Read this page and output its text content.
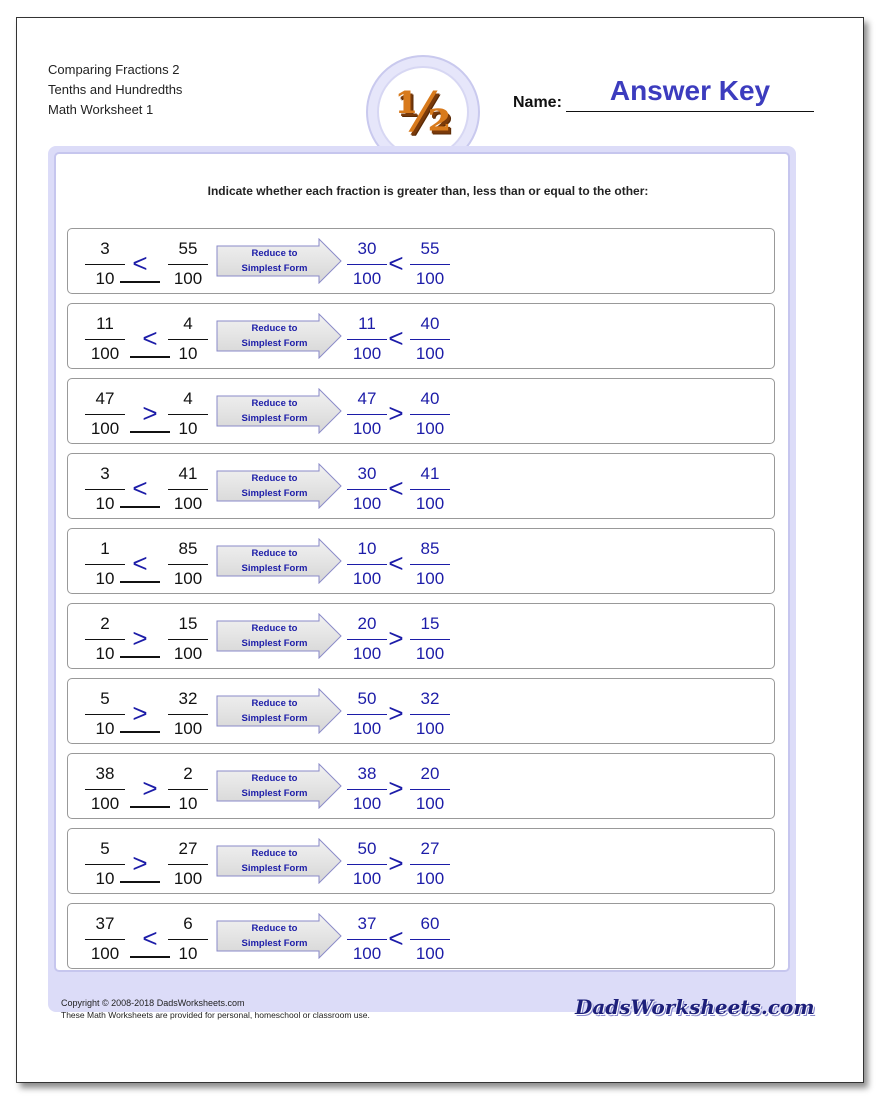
Comparing Fractions 2
Tenths and Hundredths
Math Worksheet 1	½	Name:	Answer Key
Indicate whether each fraction is greater than, less than or equal to the other:
3
10
<	55
100
Reduce to
Simplest Form
30
100
< 55
100
11
100
<	4
10
Reduce to
Simplest Form
11
100
< 40
100
47
100
>	4
10
Reduce to
Simplest Form
47
100
> 40
100
3
10
<	41
100
Reduce to
Simplest Form
30
100
< 41
100
1
10
<	85
100
Reduce to
Simplest Form
10
100
< 85
100
2
10
>	15
100
Reduce to
Simplest Form
20
100
> 15
100
5
10
>	32
100
Reduce to
Simplest Form
50
100
> 32
100
38
100
>	2
10
Reduce to
Simplest Form
38
100
> 20
100
5
10
>	27
100
Reduce to
Simplest Form
50
100
> 27
100
37
100
<	6
10
Reduce to
Simplest Form
37
100
< 60
100
Copyright © 2008-2018 DadsWorksheets.com
These Math Worksheets are provided for personal, homeschool or classroom use.	DadsWorksheets.com
